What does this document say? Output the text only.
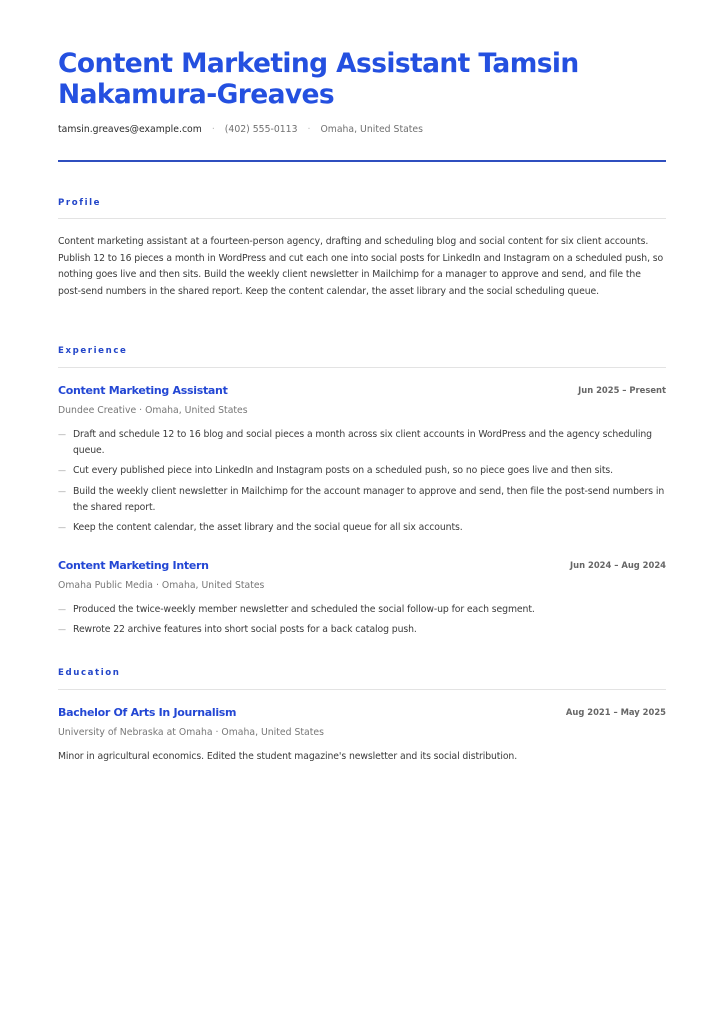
Content Marketing Assistant Tamsin Nakamura-Greaves
tamsin.greaves@example.com · (402) 555-0113 · Omaha, United States
Profile
Content marketing assistant at a fourteen-person agency, drafting and scheduling blog and social content for six client accounts. Publish 12 to 16 pieces a month in WordPress and cut each one into social posts for LinkedIn and Instagram on a scheduled push, so nothing goes live and then sits. Build the weekly client newsletter in Mailchimp for a manager to approve and send, and file the post-send numbers in the shared report. Keep the content calendar, the asset library and the social scheduling queue.
Experience
Content Marketing Assistant	Jun 2025 – Present
Dundee Creative · Omaha, United States
— Draft and schedule 12 to 16 blog and social pieces a month across six client accounts in WordPress and the agency scheduling queue.
— Cut every published piece into LinkedIn and Instagram posts on a scheduled push, so no piece goes live and then sits.
— Build the weekly client newsletter in Mailchimp for the account manager to approve and send, then file the post-send numbers in the shared report.
— Keep the content calendar, the asset library and the social queue for all six accounts.
Content Marketing Intern	Jun 2024 – Aug 2024
Omaha Public Media · Omaha, United States
— Produced the twice-weekly member newsletter and scheduled the social follow-up for each segment.
— Rewrote 22 archive features into short social posts for a back catalog push.
Education
Bachelor Of Arts In Journalism	Aug 2021 – May 2025
University of Nebraska at Omaha · Omaha, United States
Minor in agricultural economics. Edited the student magazine's newsletter and its social distribution.
